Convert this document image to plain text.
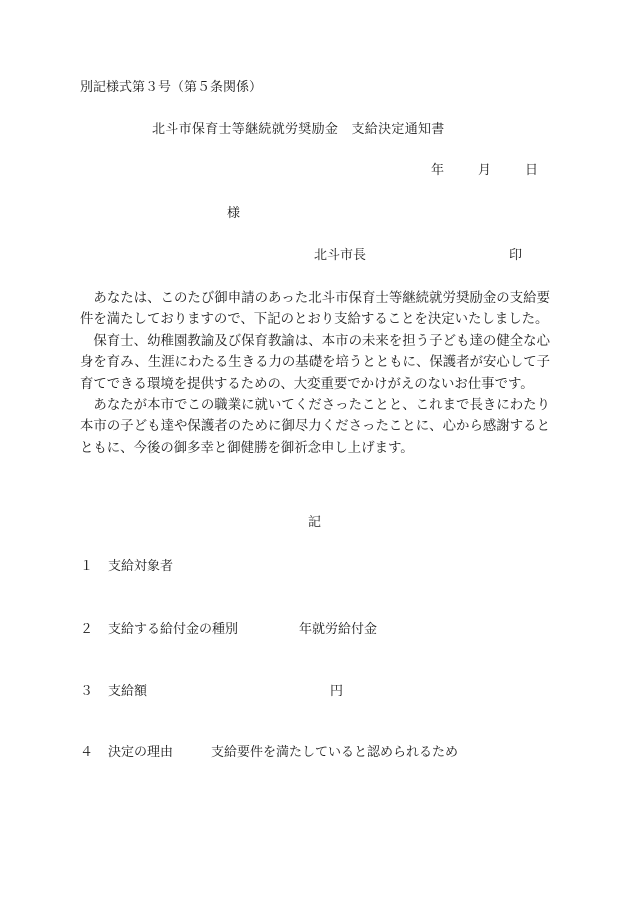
別記様式第３号（第５条関係）
北斗市保育士等継続就労奨励金　支給決定通知書
年	月	日
様
北斗市長	印

あなたは、このたび御申請のあった北斗市保育士等継続就労奨励金の支給要件を満たしておりますので、下記のとおり支給することを決定いたしました。

保育士、幼稚園教諭及び保育教諭は、本市の未来を担う子ども達の健全な心身を育み、生涯にわたる生きる力の基礎を培うとともに、保護者が安心して子育てできる環境を提供するための、大変重要でかけがえのないお仕事です。

あなたが本市でこの職業に就いてくださったことと、これまで長きにわたり本市の子ども達や保護者のために御尽力くださったことに、心から感謝するとともに、今後の御多幸と御健勝を御祈念申し上げます。

記
１ 支給対象者
２ 支給する給付金の種別	年就労給付金
３ 支給額	円
４ 決定の理由	支給要件を満たしていると認められるため
